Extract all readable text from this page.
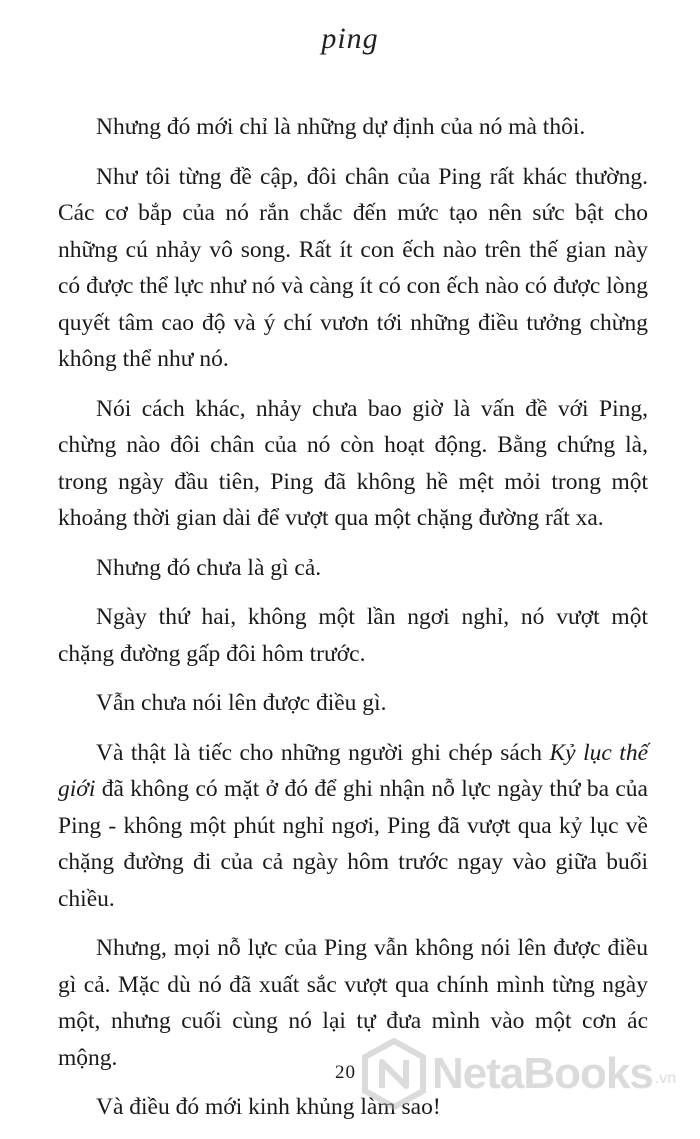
ping

Nhưng đó mới chỉ là những dự định của nó mà thôi.

Như tôi từng đề cập, đôi chân của Ping rất khác thường. Các cơ bắp của nó rắn chắc đến mức tạo nên sức bật cho những cú nhảy vô song. Rất ít con ếch nào trên thế gian này có được thể lực như nó và càng ít có con ếch nào có được lòng quyết tâm cao độ và ý chí vươn tới những điều tưởng chừng không thể như nó.

Nói cách khác, nhảy chưa bao giờ là vấn đề với Ping, chừng nào đôi chân của nó còn hoạt động. Bằng chứng là, trong ngày đầu tiên, Ping đã không hề mệt mỏi trong một khoảng thời gian dài để vượt qua một chặng đường rất xa.

Nhưng đó chưa là gì cả.

Ngày thứ hai, không một lần ngơi nghỉ, nó vượt một chặng đường gấp đôi hôm trước.

Vẫn chưa nói lên được điều gì.

Và thật là tiếc cho những người ghi chép sách Kỷ lục thế giới đã không có mặt ở đó để ghi nhận nỗ lực ngày thứ ba của Ping - không một phút nghỉ ngơi, Ping đã vượt qua kỷ lục về chặng đường đi của cả ngày hôm trước ngay vào giữa buổi chiều.

Nhưng, mọi nỗ lực của Ping vẫn không nói lên được điều gì cả. Mặc dù nó đã xuất sắc vượt qua chính mình từng ngày một, nhưng cuối cùng nó lại tự đưa mình vào một cơn ác mộng.

Và điều đó mới kinh khủng làm sao!

20 NetaBooks .vn
